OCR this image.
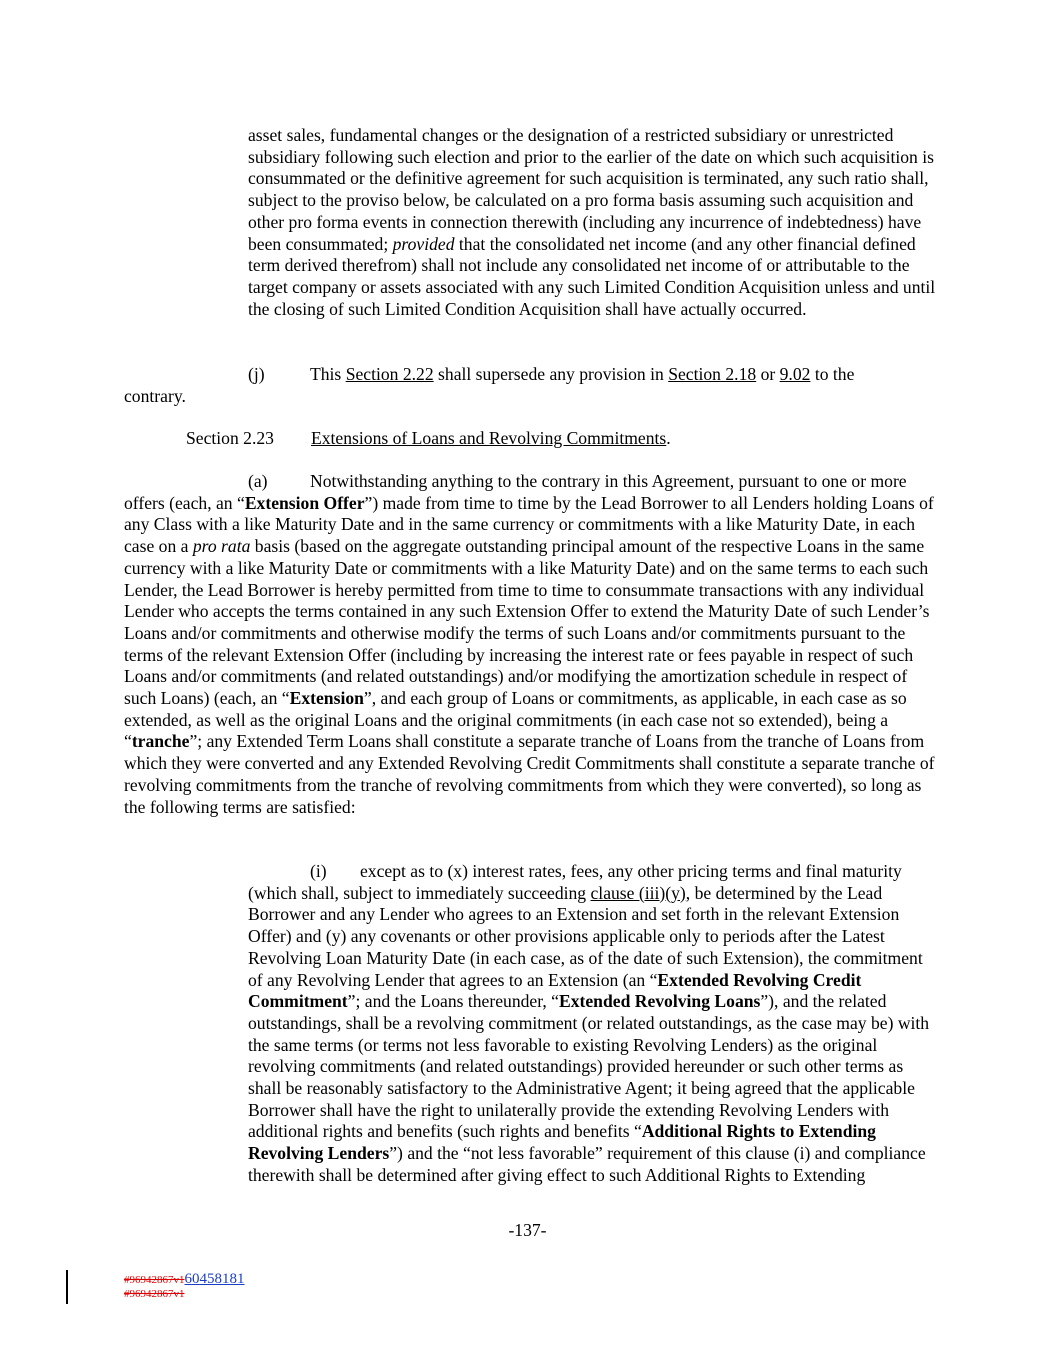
asset sales, fundamental changes or the designation of a restricted subsidiary or unrestricted subsidiary following such election and prior to the earlier of the date on which such acquisition is consummated or the definitive agreement for such acquisition is terminated, any such ratio shall, subject to the proviso below, be calculated on a pro forma basis assuming such acquisition and other pro forma events in connection therewith (including any incurrence of indebtedness) have been consummated; provided that the consolidated net income (and any other financial defined term derived therefrom) shall not include any consolidated net income of or attributable to the target company or assets associated with any such Limited Condition Acquisition unless and until the closing of such Limited Condition Acquisition shall have actually occurred.

(j)	This Section 2.22 shall supersede any provision in Section 2.18 or 9.02 to the

contrary.

Section 2.23 Extensions of Loans and Revolving Commitments.

(a) Notwithstanding anything to the contrary in this Agreement, pursuant to one or more offers (each, an “Extension Offer”) made from time to time by the Lead Borrower to all Lenders holding Loans of any Class with a like Maturity Date and in the same currency or commitments with a like Maturity Date, in each case on a pro rata basis (based on the aggregate outstanding principal amount of the respective Loans in the same currency with a like Maturity Date or commitments with a like Maturity Date) and on the same terms to each such Lender, the Lead Borrower is hereby permitted from time to time to consummate transactions with any individual Lender who accepts the terms contained in any such Extension Offer to extend the Maturity Date of such Lender’s Loans and/or commitments and otherwise modify the terms of such Loans and/or commitments pursuant to the terms of the relevant Extension Offer (including by increasing the interest rate or fees payable in respect of such Loans and/or commitments (and related outstandings) and/or modifying the amortization schedule in respect of such Loans) (each, an “Extension”, and each group of Loans or commitments, as applicable, in each case as so extended, as well as the original Loans and the original commitments (in each case not so extended), being a “tranche”; any Extended Term Loans shall constitute a separate tranche of Loans from the tranche of Loans from which they were converted and any Extended Revolving Credit Commitments shall constitute a separate tranche of revolving commitments from the tranche of revolving commitments from which they were converted), so long as the following terms are satisfied:

(i) except as to (x) interest rates, fees, any other pricing terms and final maturity (which shall, subject to immediately succeeding clause (iii)(y), be determined by the Lead Borrower and any Lender who agrees to an Extension and set forth in the relevant Extension Offer) and (y) any covenants or other provisions applicable only to periods after the Latest Revolving Loan Maturity Date (in each case, as of the date of such Extension), the commitment of any Revolving Lender that agrees to an Extension (an “Extended Revolving Credit Commitment”; and the Loans thereunder, “Extended Revolving Loans”), and the related outstandings, shall be a revolving commitment (or related outstandings, as the case may be) with the same terms (or terms not less favorable to existing Revolving Lenders) as the original revolving commitments (and related outstandings) provided hereunder or such other terms as shall be reasonably satisfactory to the Administrative Agent; it being agreed that the applicable Borrower shall have the right to unilaterally provide the extending Revolving Lenders with additional rights and benefits (such rights and benefits “Additional Rights to Extending Revolving Lenders”) and the “not less favorable” requirement of this clause (i) and compliance therewith shall be determined after giving effect to such Additional Rights to Extending

-137-
#96942867v160458181
#96942867v1
